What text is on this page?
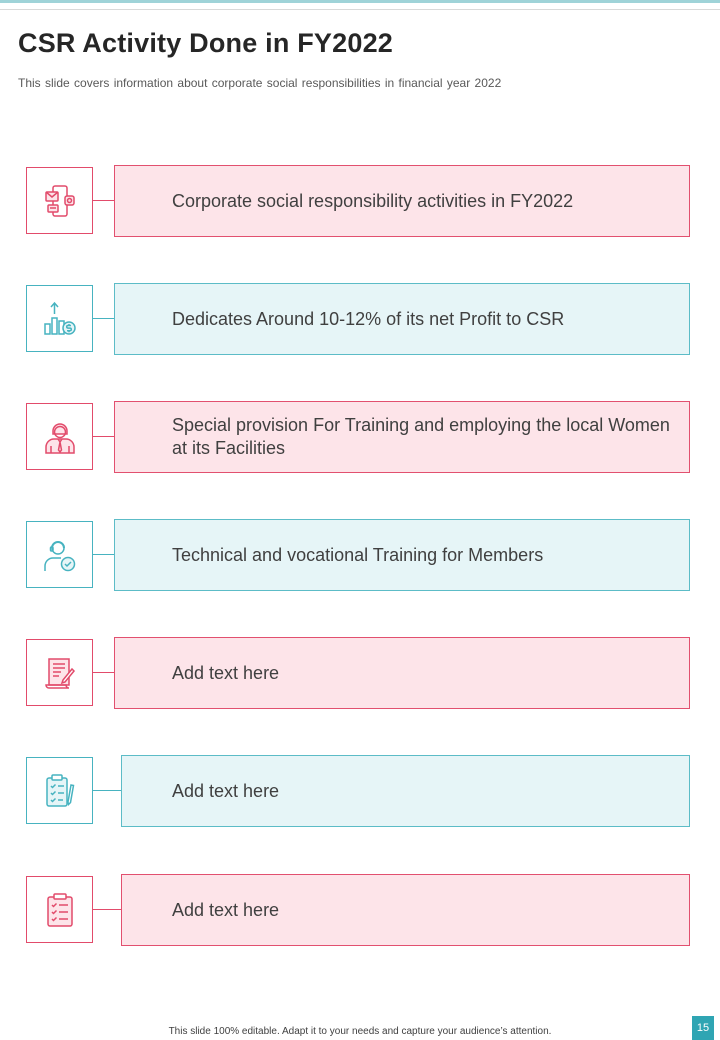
CSR Activity Done in FY2022
This slide covers information about corporate social responsibilities in financial year 2022
Corporate social responsibility activities in FY2022
Dedicates Around 10-12% of its net Profit to CSR
Special provision For Training and employing the local Women at its Facilities
Technical and vocational Training for Members
Add text here
Add text here
Add text here
This slide 100% editable. Adapt it to your needs and capture your audience’s attention.	15
